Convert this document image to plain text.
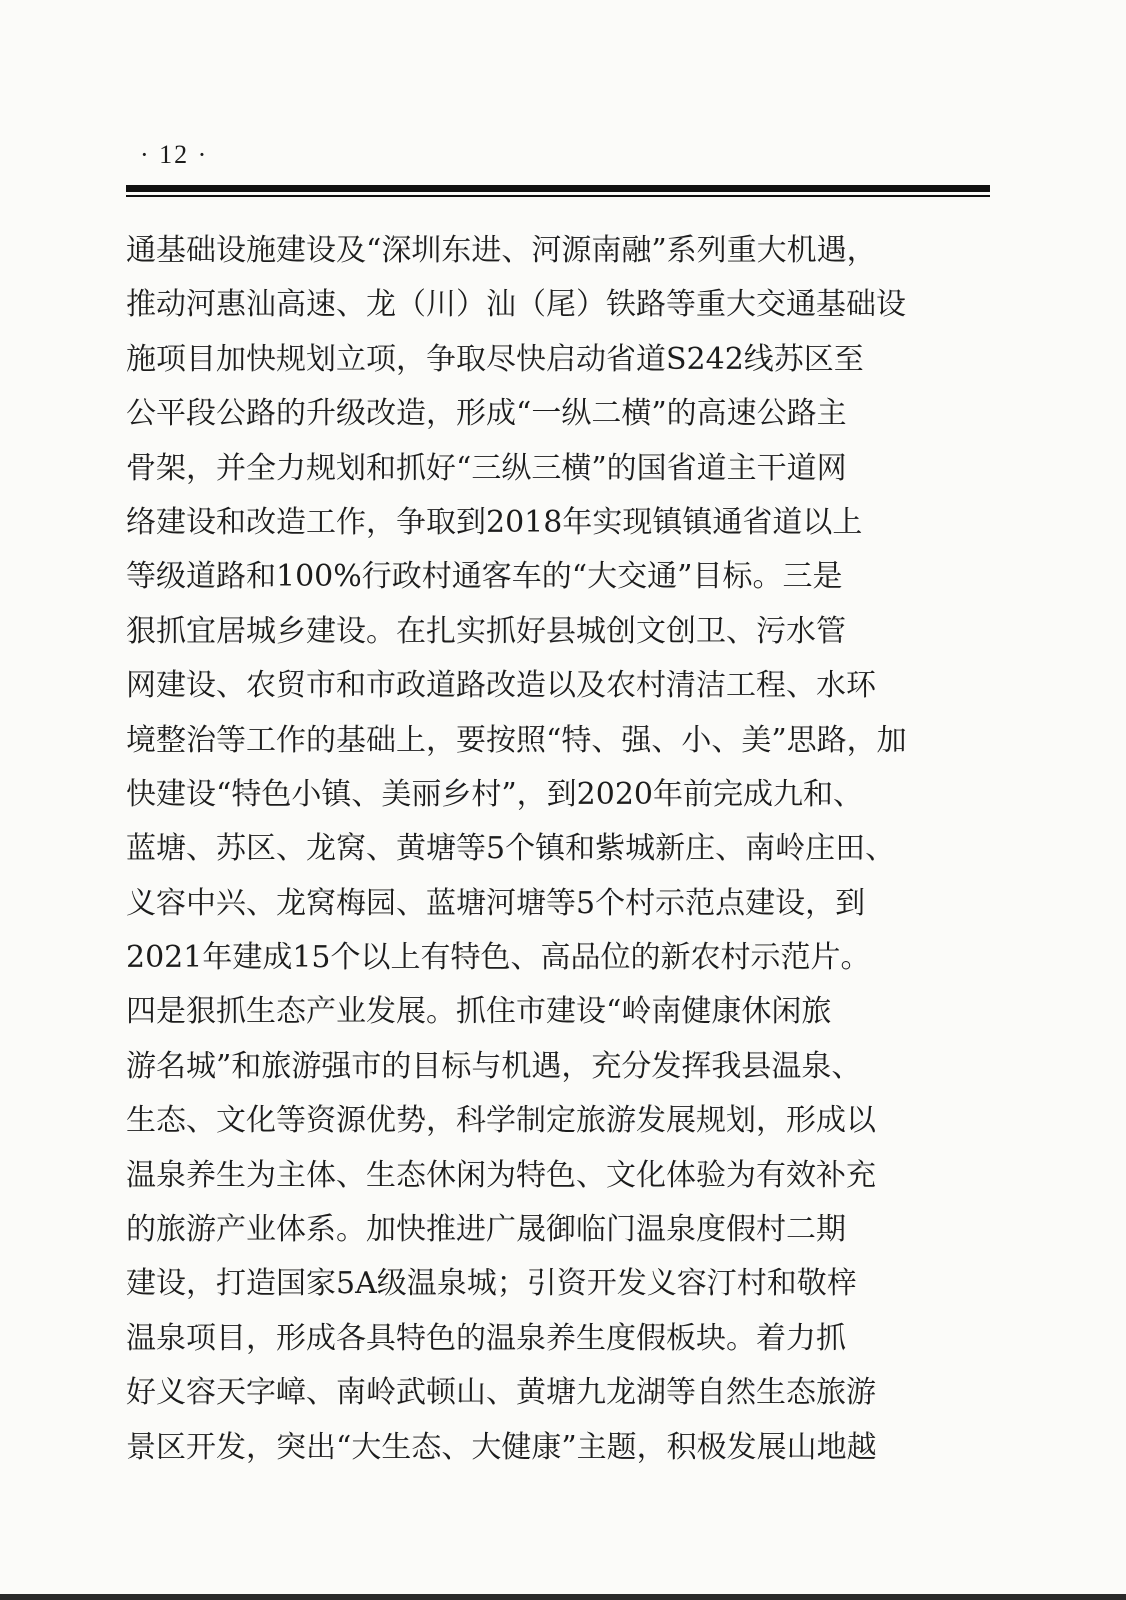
· 12 ·
通基础设施建设及“深圳东进、河源南融”系列重大机遇，
推动河惠汕高速、龙（川）汕（尾）铁路等重大交通基础设
施项目加快规划立项，争取尽快启动省道S242线苏区至
公平段公路的升级改造，形成“一纵二横”的高速公路主
骨架，并全力规划和抓好“三纵三横”的国省道主干道网
络建设和改造工作，争取到2018年实现镇镇通省道以上
等级道路和100%行政村通客车的“大交通”目标。三是
狠抓宜居城乡建设。在扎实抓好县城创文创卫、污水管
网建设、农贸市和市政道路改造以及农村清洁工程、水环
境整治等工作的基础上，要按照“特、强、小、美”思路，加
快建设“特色小镇、美丽乡村”，到2020年前完成九和、
蓝塘、苏区、龙窝、黄塘等5个镇和紫城新庄、南岭庄田、
义容中兴、龙窝梅园、蓝塘河塘等5个村示范点建设，到
2021年建成15个以上有特色、高品位的新农村示范片。
四是狠抓生态产业发展。抓住市建设“岭南健康休闲旅
游名城”和旅游强市的目标与机遇，充分发挥我县温泉、
生态、文化等资源优势，科学制定旅游发展规划，形成以
温泉养生为主体、生态休闲为特色、文化体验为有效补充
的旅游产业体系。加快推进广晟御临门温泉度假村二期
建设，打造国家5A级温泉城；引资开发义容汀村和敬梓
温泉项目，形成各具特色的温泉养生度假板块。着力抓
好义容天字嶂、南岭武顿山、黄塘九龙湖等自然生态旅游
景区开发，突出“大生态、大健康”主题，积极发展山地越
